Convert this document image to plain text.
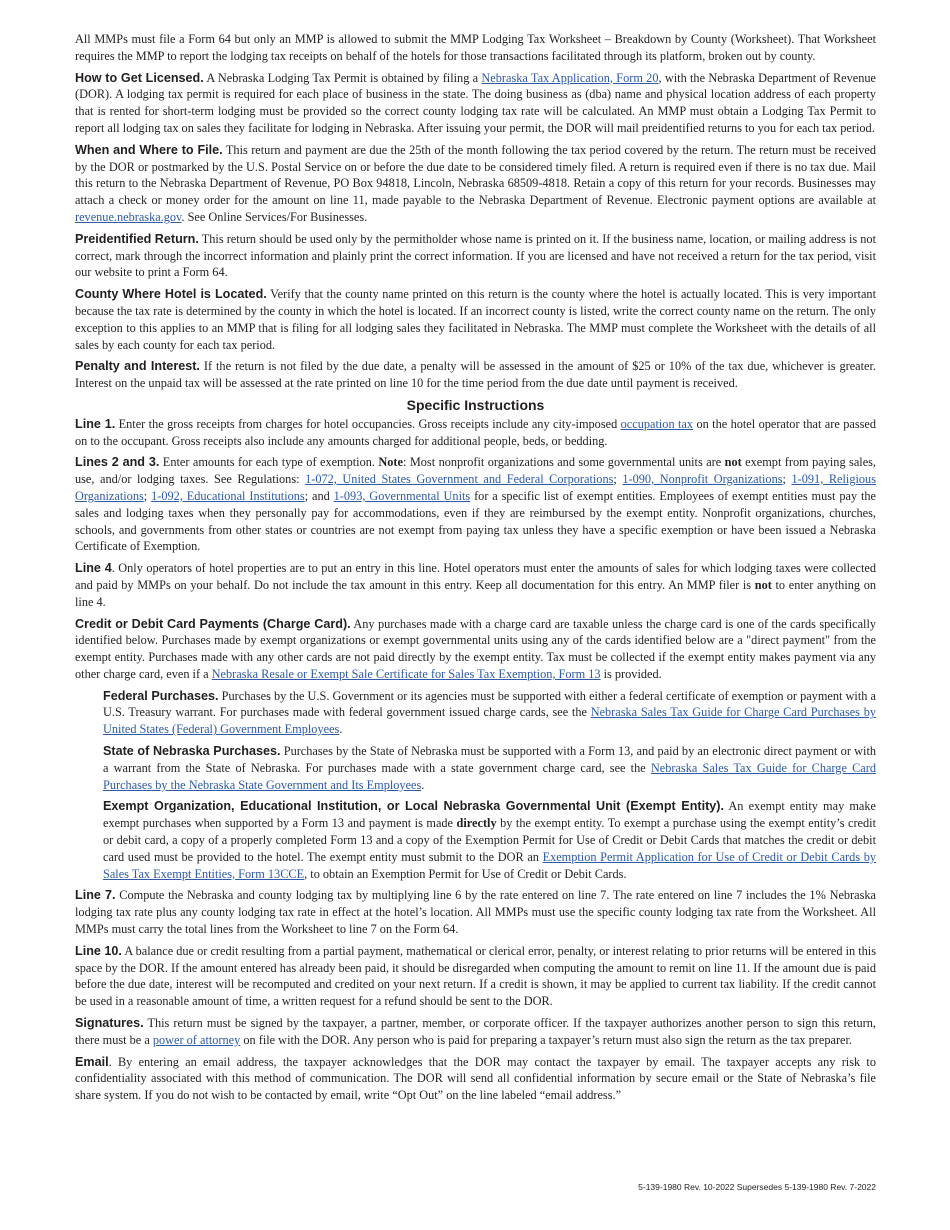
All MMPs must file a Form 64 but only an MMP is allowed to submit the MMP Lodging Tax Worksheet – Breakdown by County (Worksheet). That Worksheet requires the MMP to report the lodging tax receipts on behalf of the hotels for those transactions facilitated through its platform, broken out by county.

How to Get Licensed. A Nebraska Lodging Tax Permit is obtained by filing a Nebraska Tax Application, Form 20, with the Nebraska Department of Revenue (DOR). A lodging tax permit is required for each place of business in the state. The doing business as (dba) name and physical location address of each property that is rented for short-term lodging must be provided so the correct county lodging tax rate will be calculated. An MMP must obtain a Lodging Tax Permit to report all lodging tax on sales they facilitate for lodging in Nebraska. After issuing your permit, the DOR will mail preidentified returns to you for each tax period.

When and Where to File. This return and payment are due the 25th of the month following the tax period covered by the return. The return must be received by the DOR or postmarked by the U.S. Postal Service on or before the due date to be considered timely filed. A return is required even if there is no tax due. Mail this return to the Nebraska Department of Revenue, PO Box 94818, Lincoln, Nebraska 68509-4818. Retain a copy of this return for your records. Businesses may attach a check or money order for the amount on line 11, made payable to the Nebraska Department of Revenue. Electronic payment options are available at revenue.nebraska.gov. See Online Services/For Businesses.

Preidentified Return. This return should be used only by the permitholder whose name is printed on it. If the business name, location, or mailing address is not correct, mark through the incorrect information and plainly print the correct information. If you are licensed and have not received a return for the tax period, visit our website to print a Form 64.

County Where Hotel is Located. Verify that the county name printed on this return is the county where the hotel is actually located. This is very important because the tax rate is determined by the county in which the hotel is located. If an incorrect county is listed, write the correct county name on the return. The only exception to this applies to an MMP that is filing for all lodging sales they facilitated in Nebraska. The MMP must complete the Worksheet with the details of all sales by each county for each tax period.

Penalty and Interest. If the return is not filed by the due date, a penalty will be assessed in the amount of $25 or 10% of the tax due, whichever is greater. Interest on the unpaid tax will be assessed at the rate printed on line 10 for the time period from the due date until payment is received.

Specific Instructions

Line 1. Enter the gross receipts from charges for hotel occupancies. Gross receipts include any city-imposed occupation tax on the hotel operator that are passed on to the occupant. Gross receipts also include any amounts charged for additional people, beds, or bedding.

Lines 2 and 3. Enter amounts for each type of exemption. Note: Most nonprofit organizations and some governmental units are not exempt from paying sales, use, and/or lodging taxes. See Regulations: 1-072, United States Government and Federal Corporations; 1-090, Nonprofit Organizations; 1-091, Religious Organizations; 1-092, Educational Institutions; and 1-093, Governmental Units for a specific list of exempt entities. Employees of exempt entities must pay the sales and lodging taxes when they personally pay for accommodations, even if they are reimbursed by the exempt entity. Nonprofit organizations, churches, schools, and governments from other states or countries are not exempt from paying tax unless they have a specific exemption or have been issued a Nebraska Certificate of Exemption.

Line 4. Only operators of hotel properties are to put an entry in this line. Hotel operators must enter the amounts of sales for which lodging taxes were collected and paid by MMPs on your behalf. Do not include the tax amount in this entry. Keep all documentation for this entry. An MMP filer is not to enter anything on line 4.

Credit or Debit Card Payments (Charge Card). Any purchases made with a charge card are taxable unless the charge card is one of the cards specifically identified below. Purchases made by exempt organizations or exempt governmental units using any of the cards identified below are a "direct payment" from the exempt entity. Purchases made with any other cards are not paid directly by the exempt entity. Tax must be collected if the exempt entity makes payment via any other charge card, even if a Nebraska Resale or Exempt Sale Certificate for Sales Tax Exemption, Form 13 is provided.

Federal Purchases. Purchases by the U.S. Government or its agencies must be supported with either a federal certificate of exemption or payment with a U.S. Treasury warrant. For purchases made with federal government issued charge cards, see the Nebraska Sales Tax Guide for Charge Card Purchases by United States (Federal) Government Employees.

State of Nebraska Purchases. Purchases by the State of Nebraska must be supported with a Form 13, and paid by an electronic direct payment or with a warrant from the State of Nebraska. For purchases made with a state government charge card, see the Nebraska Sales Tax Guide for Charge Card Purchases by the Nebraska State Government and Its Employees.

Exempt Organization, Educational Institution, or Local Nebraska Governmental Unit (Exempt Entity). An exempt entity may make exempt purchases when supported by a Form 13 and payment is made directly by the exempt entity. To exempt a purchase using the exempt entity’s credit or debit card, a copy of a properly completed Form 13 and a copy of the Exemption Permit for Use of Credit or Debit Cards that matches the credit or debit card used must be provided to the hotel. The exempt entity must submit to the DOR an Exemption Permit Application for Use of Credit or Debit Cards by Sales Tax Exempt Entities, Form 13CCE, to obtain an Exemption Permit for Use of Credit or Debit Cards.

Line 7. Compute the Nebraska and county lodging tax by multiplying line 6 by the rate entered on line 7. The rate entered on line 7 includes the 1% Nebraska lodging tax rate plus any county lodging tax rate in effect at the hotel’s location. All MMPs must use the specific county lodging tax rate from the Worksheet. All MMPs must carry the total lines from the Worksheet to line 7 on the Form 64.

Line 10. A balance due or credit resulting from a partial payment, mathematical or clerical error, penalty, or interest relating to prior returns will be entered in this space by the DOR. If the amount entered has already been paid, it should be disregarded when computing the amount to remit on line 11. If the amount due is paid before the due date, interest will be recomputed and credited on your next return. If a credit is shown, it may be applied to current tax liability. If the credit cannot be used in a reasonable amount of time, a written request for a refund should be sent to the DOR.

Signatures. This return must be signed by the taxpayer, a partner, member, or corporate officer. If the taxpayer authorizes another person to sign this return, there must be a power of attorney on file with the DOR. Any person who is paid for preparing a taxpayer’s return must also sign the return as the tax preparer.

Email. By entering an email address, the taxpayer acknowledges that the DOR may contact the taxpayer by email. The taxpayer accepts any risk to confidentiality associated with this method of communication. The DOR will send all confidential information by secure email or the State of Nebraska’s file share system. If you do not wish to be contacted by email, write “Opt Out” on the line labeled “email address.”

5-139-1980 Rev. 10-2022 Supersedes 5-139-1980 Rev. 7-2022
